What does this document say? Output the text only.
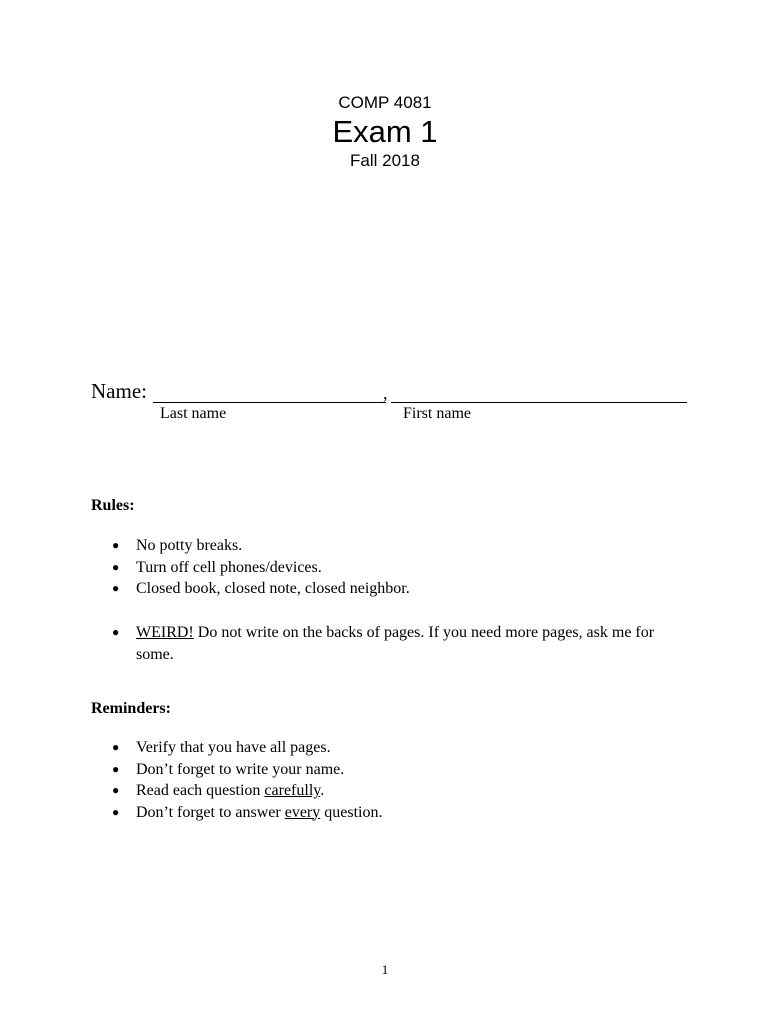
COMP 4081
Exam 1
Fall 2018
Name:	,
Last name	First name
Rules:
● No potty breaks.
● Turn off cell phones/devices.
● Closed book, closed note, closed neighbor.
● WEIRD! Do not write on the backs of pages. If you need more pages, ask me for some.
Reminders:
● Verify that you have all pages.
● Don’t forget to write your name.
● Read each question carefully.
● Don’t forget to answer every question.
1
